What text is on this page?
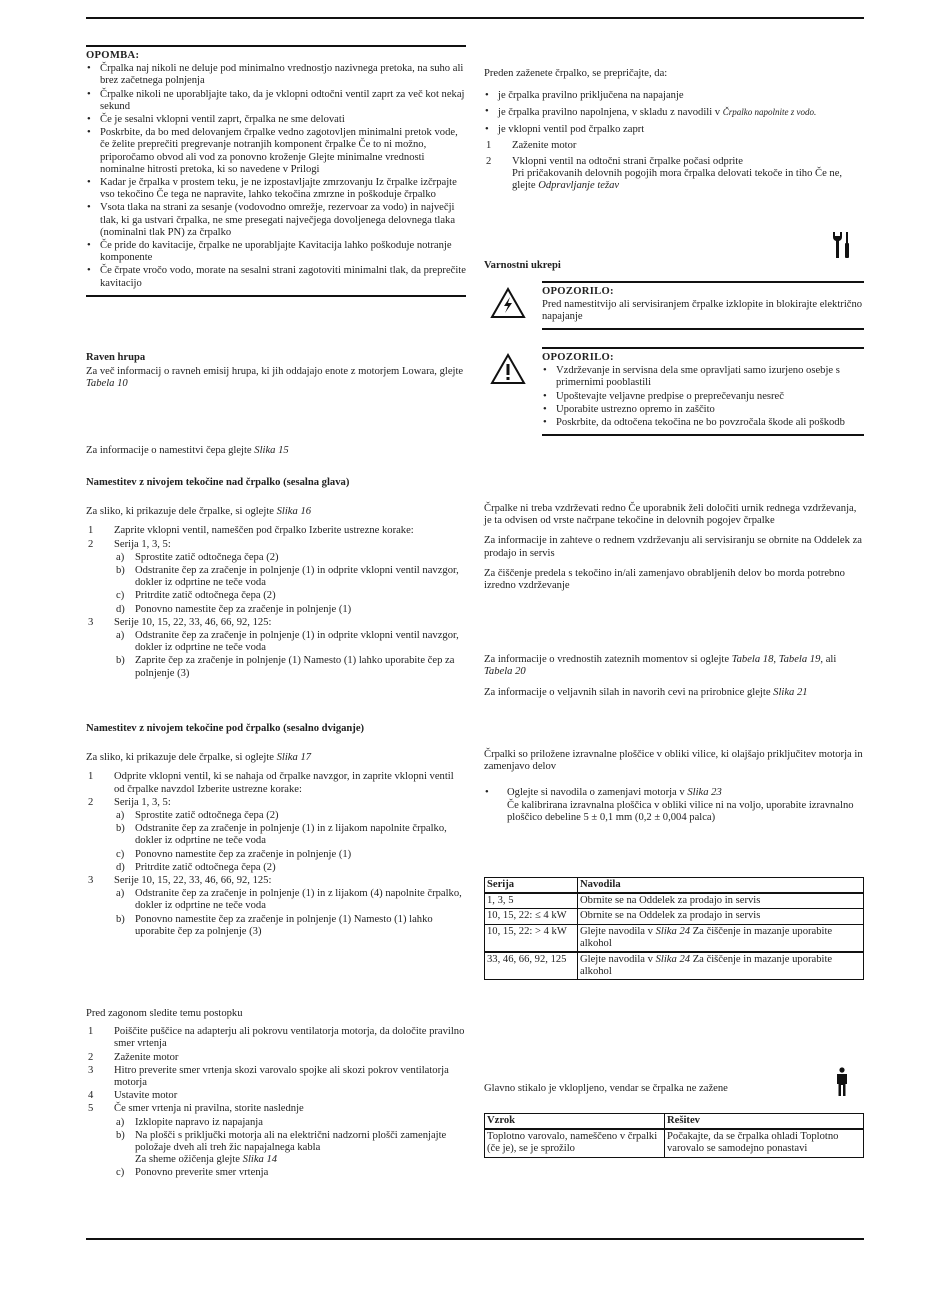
OPOMBA:
• Črpalka naj nikoli ne deluje pod minimalno vrednostjo nazivnega pretoka, na suho ali brez začetnega polnjenja
• Črpalke nikoli ne uporabljajte tako, da je vklopni odtočni ventil zaprt za več kot nekaj sekund
• Če je sesalni vklopni ventil zaprt, črpalka ne sme delovati
• Poskrbite, da bo med delovanjem črpalke vedno zagotovljen minimalni pretok vode, če želite preprečiti pregrevanje notranjih komponent črpalke Če to ni možno, priporočamo obvod ali vod za ponovno kroženje Glejte minimalne vrednosti nominalne hitrosti pretoka, ki so navedene v Prilogi
• Kadar je črpalka v prostem teku, je ne izpostavljajte zmrzovanju Iz črpalke izčrpajte vso tekočino Če tega ne napravite, lahko tekočina zmrzne in poškoduje črpalko
• Vsota tlaka na strani za sesanje (vodovodno omrežje, rezervoar za vodo) in največji tlak, ki ga ustvari črpalka, ne sme presegati največjega dovoljenega delovnega tlaka (nominalni tlak PN) za črpalko
• Če pride do kavitacije, črpalke ne uporabljajte Kavitacija lahko poškoduje notranje komponente
• Če črpate vročo vodo, morate na sesalni strani zagotoviti minimalni tlak, da preprečite kavitacijo

Raven hrupa

Za več informacij o ravneh emisij hrupa, ki jih oddajajo enote z motorjem Lowara, glejte Tabela 10

Za informacije o namestitvi čepa glejte Slika 15

Namestitev z nivojem tekočine nad črpalko (sesalna glava)

Za sliko, ki prikazuje dele črpalke, si oglejte Slika 16

1 Zaprite vklopni ventil, nameščen pod črpalko Izberite ustrezne korake:
2 Serija 1, 3, 5:
a) Sprostite zatič odtočnega čepa (2)
b) Odstranite čep za zračenje in polnjenje (1) in odprite vklopni ventil navzgor, dokler iz odprtine ne teče voda
c) Pritrdite zatič odtočnega čepa (2)
d) Ponovno namestite čep za zračenje in polnjenje (1)
3 Serije 10, 15, 22, 33, 46, 66, 92, 125:
a) Odstranite čep za zračenje in polnjenje (1) in odprite vklopni ventil navzgor, dokler iz odprtine ne teče voda
b) Zaprite čep za zračenje in polnjenje (1) Namesto (1) lahko uporabite čep za polnjenje (3)

Namestitev z nivojem tekočine pod črpalko (sesalno dviganje)

Za sliko, ki prikazuje dele črpalke, si oglejte Slika 17

1 Odprite vklopni ventil, ki se nahaja od črpalke navzgor, in zaprite vklopni ventil od črpalke navzdol Izberite ustrezne korake:
2 Serija 1, 3, 5:
a) Sprostite zatič odtočnega čepa (2)
b) Odstranite čep za zračenje in polnjenje (1) in z lijakom napolnite črpalko, dokler iz odprtine ne teče voda
c) Ponovno namestite čep za zračenje in polnjenje (1)
d) Pritrdite zatič odtočnega čepa (2)
3 Serije 10, 15, 22, 33, 46, 66, 92, 125:
a) Odstranite čep za zračenje in polnjenje (1) in z lijakom (4) napolnite črpalko, dokler iz odprtine ne teče voda
b) Ponovno namestite čep za zračenje in polnjenje (1) Namesto (1) lahko uporabite čep za polnjenje (3)

Pred zagonom sledite temu postopku

1 Poiščite puščice na adapterju ali pokrovu ventilatorja motorja, da določite pravilno smer vrtenja
2 Zaženite motor
3 Hitro preverite smer vrtenja skozi varovalo spojke ali skozi pokrov ventilatorja motorja
4 Ustavite motor
5 Če smer vrtenja ni pravilna, storite naslednje
a) Izklopite napravo iz napajanja
b) Na plošči s priključki motorja ali na električni nadzorni plošči zamenjajte položaje dveh ali treh žic napajalnega kabla
Za sheme ožičenja glejte Slika 14
c) Ponovno preverite smer vrtenja

Preden zaženete črpalko, se prepričajte, da:

• je črpalka pravilno priključena na napajanje
• je črpalka pravilno napolnjena, v skladu z navodili v Črpalko napolnite z vodo.
• je vklopni ventil pod črpalko zaprt
1 Zaženite motor
2 Vklopni ventil na odtočni strani črpalke počasi odprite
Pri pričakovanih delovnih pogojih mora črpalka delovati tekoče in tiho Če ne, glejte Odpravljanje težav

Varnostni ukrepi

OPOZORILO:

Pred namestitvijo ali servisiranjem črpalke izklopite in blokirajte električno napajanje

OPOZORILO:
• Vzdrževanje in servisna dela sme opravljati samo izurjeno osebje s primernimi pooblastili
• Upoštevajte veljavne predpise o preprečevanju nesreč
• Uporabite ustrezno opremo in zaščito
• Poskrbite, da odtočena tekočina ne bo povzročala škode ali poškodb

Črpalke ni treba vzdrževati redno Če uporabnik želi določiti urnik rednega vzdrževanja, je ta odvisen od vrste načrpane tekočine in delovnih pogojev črpalke

Za informacije in zahteve o rednem vzdrževanju ali servisiranju se obrnite na Oddelek za prodajo in servis

Za čiščenje predela s tekočino in/ali zamenjavo obrabljenih delov bo morda potrebno izredno vzdrževanje

Za informacije o vrednostih zateznih momentov si oglejte Tabela 18, Tabela 19, ali Tabela 20

Za informacije o veljavnih silah in navorih cevi na prirobnice glejte Slika 21

Črpalki so priložene izravnalne ploščice v obliki vilice, ki olajšajo priključitev motorja in zamenjavo delov

• Oglejte si navodila o zamenjavi motorja v Slika 23

Če kalibrirana izravnalna ploščica v obliki vilice ni na voljo, uporabite izravnalno ploščico debeline 5 ± 0,1 mm (0,2 ± 0,004 palca)

Serija	Navodila
1, 3, 5	Obrnite se na Oddelek za prodajo in servis
10, 15, 22: ≤ 4 kW	Obrnite se na Oddelek za prodajo in servis
10, 15, 22: > 4 kW	Glejte navodila v Slika 24 Za čiščenje in mazanje uporabite alkohol
33, 46, 66, 92, 125	Glejte navodila v Slika 24 Za čiščenje in mazanje uporabite alkohol

Glavno stikalo je vklopljeno, vendar se črpalka ne zažene

Vzrok	Rešitev
Toplotno varovalo, nameščeno v črpalki (če je), se je sprožilo	Počakajte, da se črpalka ohladi Toplotno varovalo se samodejno ponastavi
